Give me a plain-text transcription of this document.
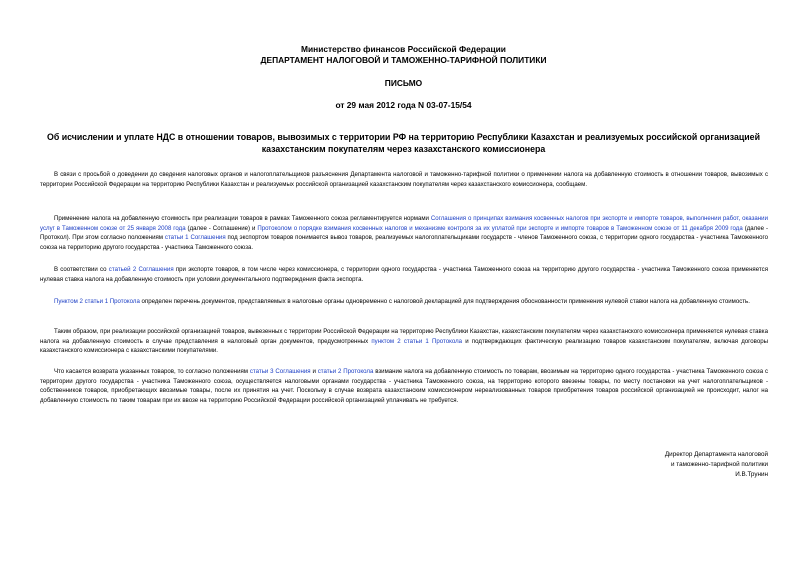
Министерство финансов Российской Федерации
ДЕПАРТАМЕНТ НАЛОГОВОЙ И ТАМОЖЕННО-ТАРИФНОЙ ПОЛИТИКИ
ПИСЬМО
от 29 мая 2012 года N 03-07-15/54
Об исчислении и уплате НДС в отношении товаров, вывозимых с территории РФ на территорию Республики Казахстан и реализуемых российской организацией
казахстанским покупателям через казахстанского комиссионера
В связи с просьбой о доведении до сведения налоговых органов и налогоплательщиков разъяснения Департамента налоговой и таможенно-тарифной политики о применении налога на добавленную стоимость в отношении товаров, вывозимых с территории Российской Федерации на территорию Республики Казахстан и реализуемых российской организацией казахстанским покупателям через казахстанского комиссионера, сообщаем.
Применение налога на добавленную стоимость при реализации товаров в рамках Таможенного союза регламентируется нормами Соглашения о принципах взимания косвенных налогов при экспорте и импорте товаров, выполнении работ, оказании услуг в Таможенном союзе от 25 января 2008 года (далее - Соглашение) и Протоколом о порядке взимания косвенных налогов и механизме контроля за их уплатой при экспорте и импорте товаров в Таможенном союзе от 11 декабря 2009 года (далее - Протокол). При этом согласно положениям статьи 1 Соглашения под экспортом товаров понимается вывоз товаров, реализуемых налогоплательщиками государств - членов Таможенного союза, с территории одного государства - участника Таможенного союза на территорию другого государства - участника Таможенного союза.
В соответствии со статьей 2 Соглашения при экспорте товаров, в том числе через комиссионера, с территории одного государства - участника Таможенного союза на территорию другого государства - участника Таможенного союза применяется нулевая ставка налога на добавленную стоимость при условии документального подтверждения факта экспорта.
Пунктом 2 статьи 1 Протокола определен перечень документов, представляемых в налоговые органы одновременно с налоговой декларацией для подтверждения обоснованности применения нулевой ставки налога на добавленную стоимость.
Таким образом, при реализации российской организацией товаров, вывезенных с территории Российской Федерации на территорию Республики Казахстан, казахстанским покупателям через казахстанского комиссионера применяется нулевая ставка налога на добавленную стоимость в случае представления в налоговый орган документов, предусмотренных пунктом 2 статьи 1 Протокола и подтверждающих фактическую реализацию товаров казахстанским покупателям, включая договоры казахстанского комиссионера с казахстанскими покупателями.
Что касается возврата указанных товаров, то согласно положениям статьи 3 Соглашения и статьи 2 Протокола взимание налога на добавленную стоимость по товарам, ввозимым на территорию одного государства - участника Таможенного союза с территории другого государства - участника Таможенного союза, осуществляется налоговыми органами государства - участника Таможенного союза, на территорию которого ввезены товары, по месту постановки на учет налогоплательщиков - собственников товаров, приобретающих ввозимые товары, после их принятия на учет. Поскольку в случае возврата казахстанским комиссионером нереализованных товаров приобретения товаров российской организацией не происходит, налог на добавленную стоимость по таким товарам при их ввозе на территорию Российской Федерации российской организацией уплачивать не требуется.
Директор Департамента налоговой
и таможенно-тарифной политики
И.В.Трунин
